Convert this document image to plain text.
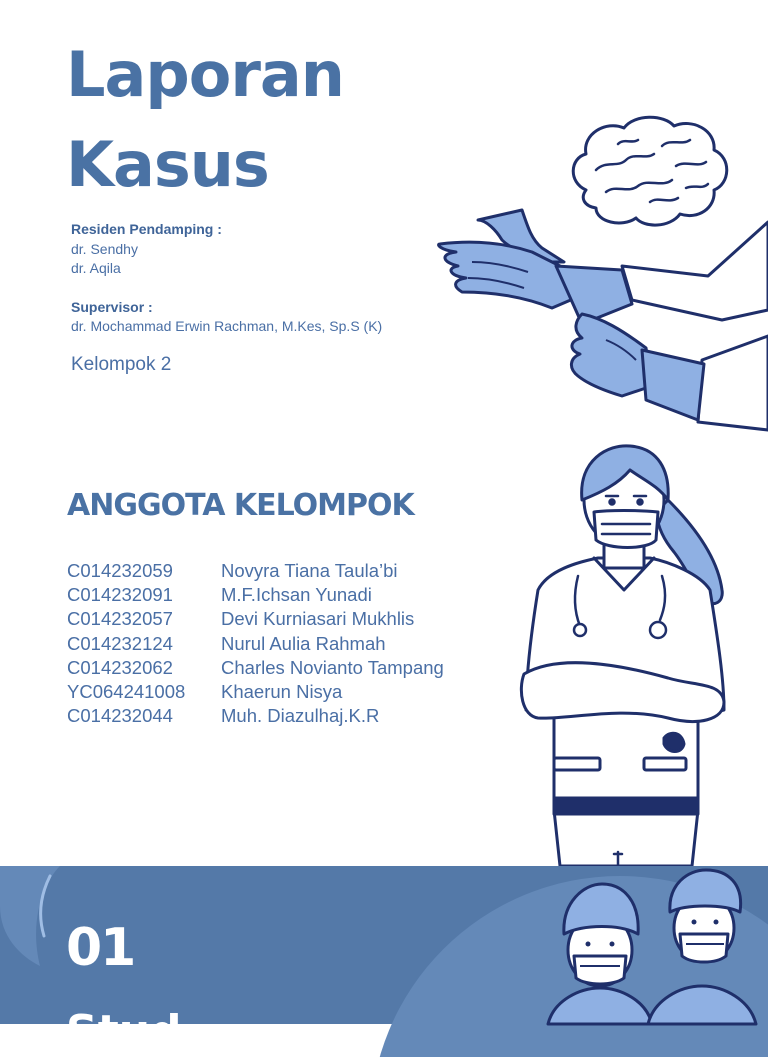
Laporan
Kasus
Residen Pendamping :
dr. Sendhy
dr. Aqila
Supervisor :
dr. Mochammad Erwin Rachman, M.Kes, Sp.S (K)
Kelompok 2
ANGGOTA KELOMPOK
C014232059	Novyra Tiana Taula’bi
C014232091	M.F.Ichsan Yunadi
C014232057	Devi Kurniasari Mukhlis
C014232124	Nurul Aulia Rahmah
C014232062	Charles Novianto Tampang
YC064241008	Khaerun Nisya
C014232044	Muh. Diazulhaj.K.R
01
Stud
